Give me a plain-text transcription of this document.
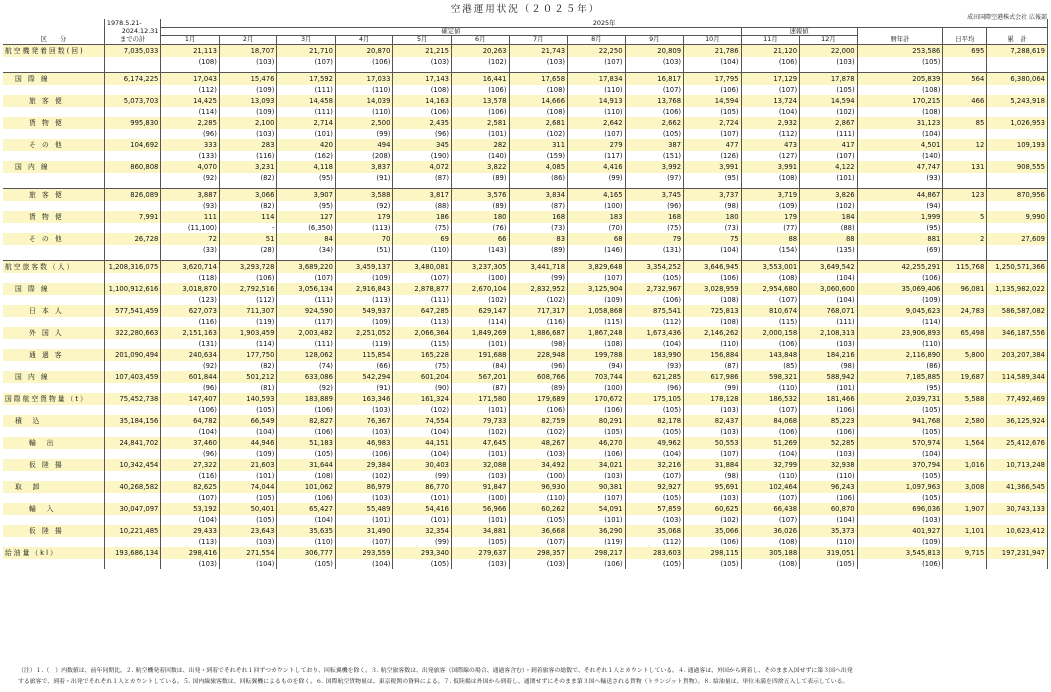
空港運用状況（２０２５年）
成田国際空港株式会社 広報部
	1978.5.21-	2025年														
	2024.12.31	確定値										速報値				
区　　分	までの計	1月	2月	3月	4月	5月	6月	7月	8月	9月	10月	11月	12月	暦年計	日平均	累　計
航空機発着回数(回)	7,035,033	21,113	18,707	21,710	20,870	21,215	20,263	21,743	22,250	20,809	21,786	21,120	22,000	253,586	695	7,288,619
		(108)	(103)	(107)	(106)	(103)	(102)	(103)	(107)	(103)	(104)	(106)	(103)	(105)		

国 際 線	6,174,225	17,043	15,476	17,592	17,033	17,143	16,441	17,658	17,834	16,817	17,795	17,129	17,878	205,839	564	6,380,064
		(112)	(109)	(111)	(110)	(108)	(106)	(108)	(110)	(107)	(106)	(107)	(105)	(108)		
旅 客 便	5,073,703	14,425	13,093	14,458	14,039	14,163	13,578	14,666	14,913	13,768	14,594	13,724	14,594	170,215	466	5,243,918
		(114)	(109)	(111)	(110)	(106)	(106)	(108)	(110)	(106)	(105)	(104)	(102)	(108)		
貨 物 便	995,830	2,285	2,100	2,714	2,500	2,435	2,581	2,681	2,642	2,662	2,724	2,932	2,867	31,123	85	1,026,953
		(96)	(103)	(101)	(99)	(96)	(101)	(102)	(107)	(105)	(107)	(112)	(111)	(104)		
そ の 他	104,692	333	283	420	494	345	282	311	279	387	477	473	417	4,501	12	109,193
		(133)	(116)	(162)	(208)	(190)	(140)	(159)	(117)	(151)	(126)	(127)	(107)	(140)		
国 内 線	860,808	4,070	3,231	4,118	3,837	4,072	3,822	4,085	4,416	3,992	3,991	3,991	4,122	47,747	131	908,555
		(92)	(82)	(95)	(91)	(87)	(89)	(86)	(99)	(97)	(95)	(108)	(101)	(93)		

旅 客 便	826,089	3,887	3,066	3,907	3,588	3,817	3,576	3,834	4,165	3,745	3,737	3,719	3,826	44,867	123	870,956
		(93)	(82)	(95)	(92)	(88)	(89)	(87)	(100)	(96)	(98)	(109)	(102)	(94)		
貨 物 便	7,991	111	114	127	179	186	180	168	183	168	180	179	184	1,999	5	9,990
		(11,100)	-	(6,350)	(113)	(75)	(76)	(73)	(70)	(75)	(73)	(77)	(88)	(95)		
そ の 他	26,728	72	51	84	70	69	66	83	68	79	75	88	88	881	2	27,609
		(33)	(28)	(34)	(51)	(110)	(143)	(89)	(146)	(131)	(104)	(154)	(135)	(69)		

航空旅客数（人）	1,208,316,075	3,620,714	3,293,728	3,689,220	3,459,137	3,480,081	3,237,305	3,441,718	3,829,648	3,354,252	3,646,945	3,553,001	3,649,542	42,255,291	115,768	1,250,571,366
		(118)	(106)	(107)	(109)	(107)	(100)	(99)	(107)	(105)	(106)	(108)	(104)	(106)		
国 際 線	1,100,912,616	3,018,870	2,792,516	3,056,134	2,916,843	2,878,877	2,670,104	2,832,952	3,125,904	2,732,967	3,028,959	2,954,680	3,060,600	35,069,406	96,081	1,135,982,022
		(123)	(112)	(111)	(113)	(111)	(102)	(102)	(109)	(106)	(108)	(107)	(104)	(109)		
日 本 人	577,541,459	627,073	711,307	924,590	549,937	647,285	629,147	717,317	1,058,868	875,541	725,813	810,674	768,071	9,045,623	24,783	586,587,082
		(116)	(119)	(117)	(109)	(113)	(114)	(116)	(115)	(112)	(108)	(115)	(111)	(114)		
外 国 人	322,280,663	2,151,163	1,903,459	2,003,482	2,251,052	2,066,364	1,849,269	1,886,687	1,867,248	1,673,436	2,146,262	2,000,158	2,108,313	23,906,893	65,498	346,187,556
		(131)	(114)	(111)	(119)	(115)	(101)	(98)	(108)	(104)	(110)	(106)	(103)	(110)		
通 過 客	201,090,494	240,634	177,750	128,062	115,854	165,228	191,688	228,948	199,788	183,990	156,884	143,848	184,216	2,116,890	5,800	203,207,384
		(92)	(82)	(74)	(66)	(75)	(84)	(96)	(94)	(93)	(87)	(85)	(98)	(86)		
国 内 線	107,403,459	601,844	501,212	633,086	542,294	601,204	567,201	608,766	703,744	621,285	617,986	598,321	588,942	7,185,885	19,687	114,589,344
		(96)	(81)	(92)	(91)	(90)	(87)	(89)	(100)	(96)	(99)	(110)	(101)	(95)		
国際航空貨物量（t）	75,452,738	147,407	140,593	183,889	163,346	161,324	171,580	179,689	170,672	175,105	178,128	186,532	181,466	2,039,731	5,588	77,492,469
		(106)	(105)	(106)	(103)	(102)	(101)	(106)	(106)	(105)	(103)	(107)	(106)	(105)		
積　込	35,184,156	64,782	66,549	82,827	76,367	74,554	79,733	82,759	80,291	82,178	82,437	84,068	85,223	941,768	2,580	36,125,924
		(104)	(104)	(106)	(103)	(104)	(102)	(102)	(105)	(105)	(103)	(106)	(106)	(105)		
輸　出	24,841,702	37,460	44,946	51,183	46,983	44,151	47,645	48,267	46,270	49,962	50,553	51,269	52,285	570,974	1,564	25,412,676
		(96)	(109)	(105)	(106)	(104)	(101)	(103)	(106)	(104)	(107)	(104)	(103)	(104)		
仮 陸 揚	10,342,454	27,322	21,603	31,644	29,384	30,403	32,088	34,492	34,021	32,216	31,884	32,799	32,938	370,794	1,016	10,713,248
		(116)	(101)	(108)	(102)	(99)	(103)	(100)	(103)	(107)	(98)	(110)	(110)	(105)		
取　卸	40,268,582	82,625	74,044	101,062	86,979	86,770	91,847	96,930	90,381	92,927	95,691	102,464	96,243	1,097,963	3,008	41,366,545
		(107)	(105)	(106)	(103)	(101)	(100)	(110)	(107)	(105)	(103)	(107)	(106)	(105)		
輸　入	30,047,097	53,192	50,401	65,427	55,489	54,416	56,966	60,262	54,091	57,859	60,625	66,438	60,870	696,036	1,907	30,743,133
		(104)	(105)	(104)	(101)	(101)	(101)	(105)	(101)	(103)	(102)	(107)	(104)	(103)		
仮 陸 揚	10,221,485	29,433	23,643	35,635	31,490	32,354	34,881	36,668	36,290	35,068	35,066	36,026	35,373	401,927	1,101	10,623,412
		(113)	(103)	(110)	(107)	(99)	(105)	(107)	(119)	(112)	(106)	(108)	(110)	(109)		
給油量（kl）	193,686,134	298,416	271,554	306,777	293,559	293,340	279,637	298,357	298,217	283,603	298,115	305,188	319,051	3,545,813	9,715	197,231,947
		(103)	(104)	(105)	(104)	(105)	(103)	(103)	(106)	(105)	(105)	(108)	(105)	(106)		
（注）１.（　）内数値は、前年同期比。２. 航空機発着回数は、出発・到着でそれぞれ１回ずつカウントしており、回転翼機を除く。３. 航空旅客数は、出発旅客（国際線の場合、通過客含む）・到着旅客の総数で、それぞれ１人とカウントしている。４. 通過客は、外国から到着し、そのまま入国せずに第３国へ出発
する旅客で、到着・出発でそれぞれ１人とカウントしている。５. 国内線旅客数は、回転翼機によるものを除く。６. 国際航空貨物量は、東京税関の資料による。７. 仮陸揚は外国から到着し、通関せずにそのまま第３国へ輸送される貨物（トランジット貨物）。８. 給油量は、単位未満を四捨五入して表示している。
